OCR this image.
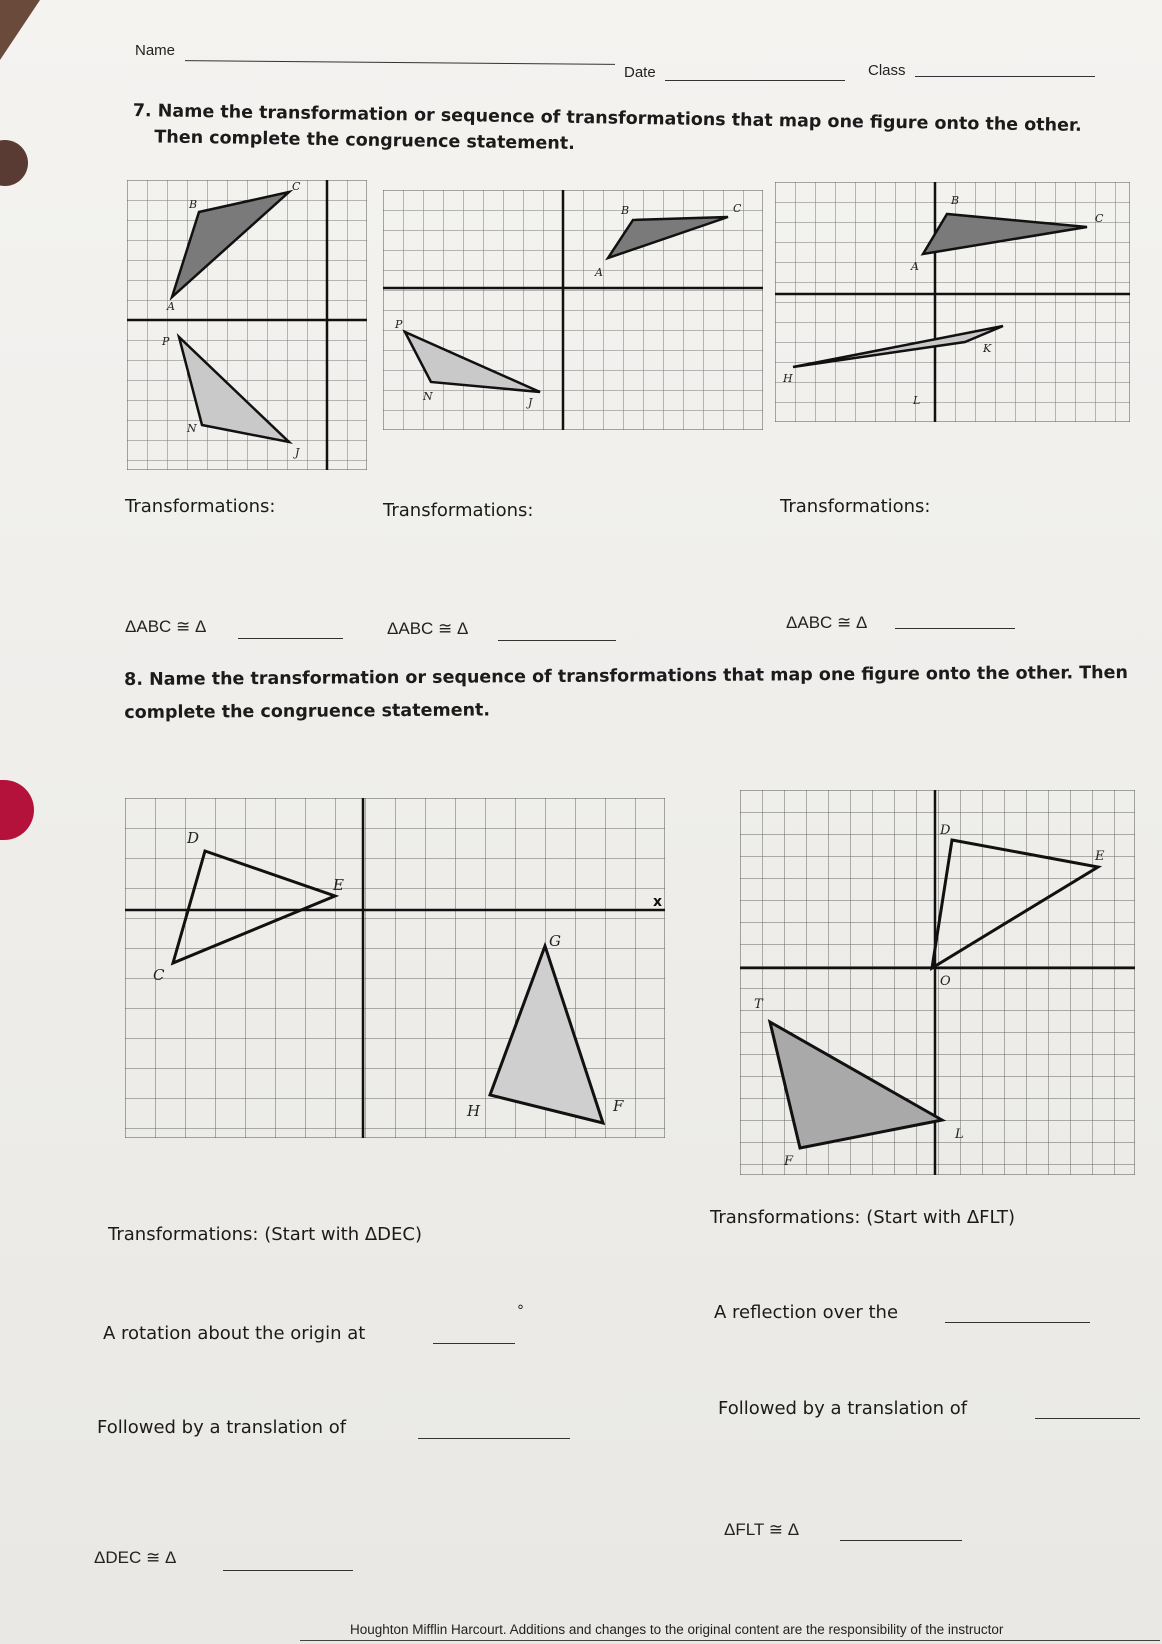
Name
Date	Class
7. Name the transformation or sequence of transformations that map one figure onto the other. Then complete the congruence statement.
A
B
C
P
N
J
A
B	C
P
N	J
A
B
C
H
K
L
Transformations:	Transformations:	Transformations:
ΔABC ≅ Δ	ΔABC ≅ Δ	ΔABC ≅ Δ
8. Name the transformation or sequence of transformations that map one figure onto the other. Then complete the congruence statement.
D
E
C
G
H	F
x
D
E
O
T
F
L
Transformations: (Start with ΔDEC)
A rotation about the origin at
°
Followed by a translation of
ΔDEC ≅ Δ
Transformations: (Start with ΔFLT)
A reflection over the
Followed by a translation of
ΔFLT ≅ Δ
Houghton Mifflin Harcourt. Additions and changes to the original content are the responsibility of the instructor
